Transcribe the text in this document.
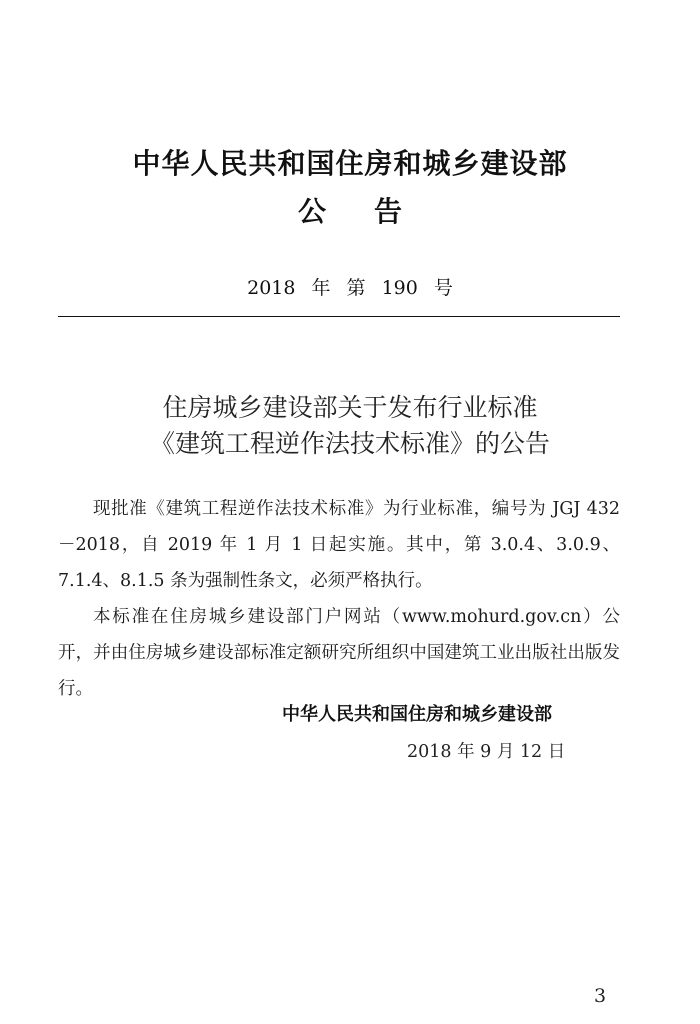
中华人民共和国住房和城乡建设部
公告
2018 年 第 190 号
住房城乡建设部关于发布行业标准
《建筑工程逆作法技术标准》的公告

现批准《建筑工程逆作法技术标准》为行业标准，编号为 JGJ 432－2018，自 2019 年 1 月 1 日起实施。其中，第 3.0.4、3.0.9、7.1.4、8.1.5 条为强制性条文，必须严格执行。

本标准在住房城乡建设部门户网站（www.mohurd.gov.cn）公开，并由住房城乡建设部标准定额研究所组织中国建筑工业出版社出版发行。

中华人民共和国住房和城乡建设部
2018 年 9 月 12 日
3
